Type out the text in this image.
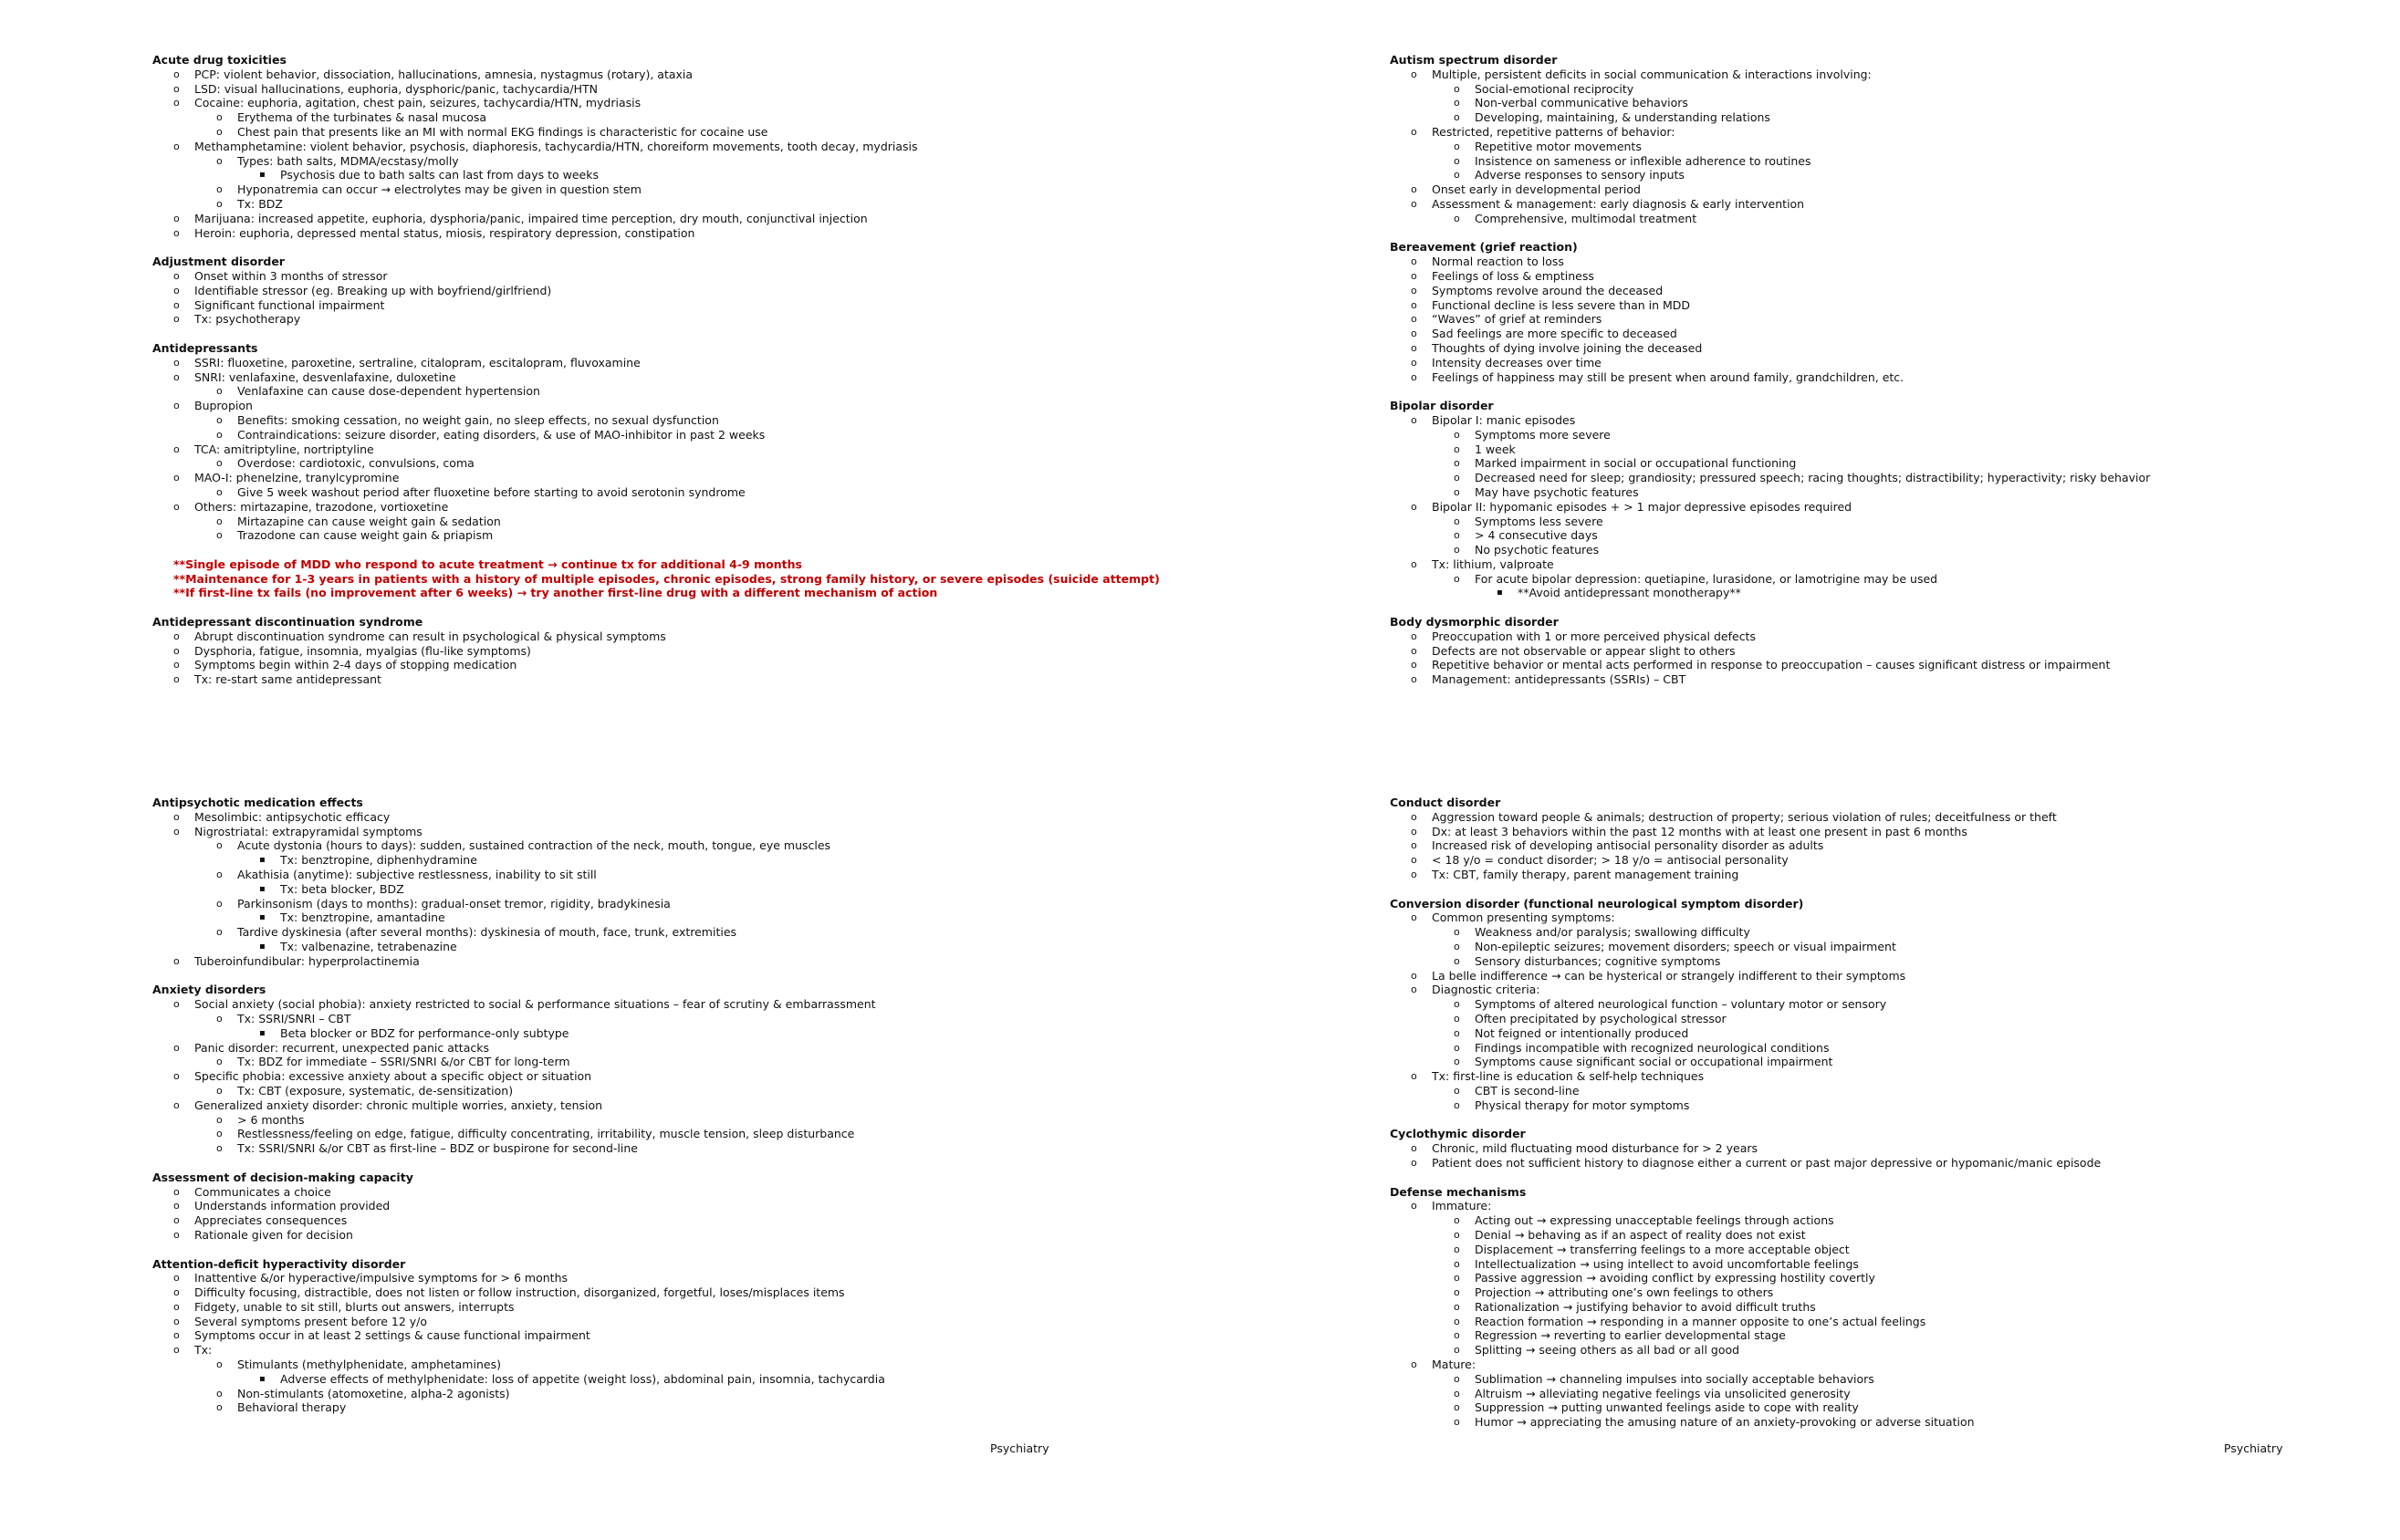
Acute drug toxicities
o PCP: violent behavior, dissociation, hallucinations, amnesia, nystagmus (rotary), ataxia
o LSD: visual hallucinations, euphoria, dysphoric/panic, tachycardia/HTN
o Cocaine: euphoria, agitation, chest pain, seizures, tachycardia/HTN, mydriasis
o Erythema of the turbinates & nasal mucosa
o Chest pain that presents like an MI with normal EKG findings is characteristic for cocaine use
o Methamphetamine: violent behavior, psychosis, diaphoresis, tachycardia/HTN, choreiform movements, tooth decay, mydriasis
o Types: bath salts, MDMA/ecstasy/molly
▪ Psychosis due to bath salts can last from days to weeks
o Hyponatremia can occur → electrolytes may be given in question stem
o Tx: BDZ
o Marijuana: increased appetite, euphoria, dysphoria/panic, impaired time perception, dry mouth, conjunctival injection
o Heroin: euphoria, depressed mental status, miosis, respiratory depression, constipation
Adjustment disorder
o Onset within 3 months of stressor
o Identifiable stressor (eg. Breaking up with boyfriend/girlfriend)
o Significant functional impairment
o Tx: psychotherapy
Antidepressants
o SSRI: fluoxetine, paroxetine, sertraline, citalopram, escitalopram, fluvoxamine
o SNRI: venlafaxine, desvenlafaxine, duloxetine
o Venlafaxine can cause dose-dependent hypertension
o Bupropion
o Benefits: smoking cessation, no weight gain, no sleep effects, no sexual dysfunction
o Contraindications: seizure disorder, eating disorders, & use of MAO-inhibitor in past 2 weeks
o TCA: amitriptyline, nortriptyline
o Overdose: cardiotoxic, convulsions, coma
o MAO-I: phenelzine, tranylcypromine
o Give 5 week washout period after fluoxetine before starting to avoid serotonin syndrome
o Others: mirtazapine, trazodone, vortioxetine
o Mirtazapine can cause weight gain & sedation
o Trazodone can cause weight gain & priapism
**Single episode of MDD who respond to acute treatment → continue tx for additional 4-9 months
**Maintenance for 1-3 years in patients with a history of multiple episodes, chronic episodes, strong family history, or severe episodes (suicide attempt)
**If first-line tx fails (no improvement after 6 weeks) → try another first-line drug with a different mechanism of action
Antidepressant discontinuation syndrome
o Abrupt discontinuation syndrome can result in psychological & physical symptoms
o Dysphoria, fatigue, insomnia, myalgias (flu-like symptoms)
o Symptoms begin within 2-4 days of stopping medication
o Tx: re-start same antidepressant
Autism spectrum disorder
o Multiple, persistent deficits in social communication & interactions involving:
o Social-emotional reciprocity
o Non-verbal communicative behaviors
o Developing, maintaining, & understanding relations
o Restricted, repetitive patterns of behavior:
o Repetitive motor movements
o Insistence on sameness or inflexible adherence to routines
o Adverse responses to sensory inputs
o Onset early in developmental period
o Assessment & management: early diagnosis & early intervention
o Comprehensive, multimodal treatment
Bereavement (grief reaction)
o Normal reaction to loss
o Feelings of loss & emptiness
o Symptoms revolve around the deceased
o Functional decline is less severe than in MDD
o “Waves” of grief at reminders
o Sad feelings are more specific to deceased
o Thoughts of dying involve joining the deceased
o Intensity decreases over time
o Feelings of happiness may still be present when around family, grandchildren, etc.
Bipolar disorder
o Bipolar I: manic episodes
o Symptoms more severe
o 1 week
o Marked impairment in social or occupational functioning
o Decreased need for sleep; grandiosity; pressured speech; racing thoughts; distractibility; hyperactivity; risky behavior
o May have psychotic features
o Bipolar II: hypomanic episodes + > 1 major depressive episodes required
o Symptoms less severe
o > 4 consecutive days
o No psychotic features
o Tx: lithium, valproate
o For acute bipolar depression: quetiapine, lurasidone, or lamotrigine may be used
▪ **Avoid antidepressant monotherapy**
Body dysmorphic disorder
o Preoccupation with 1 or more perceived physical defects
o Defects are not observable or appear slight to others
o Repetitive behavior or mental acts performed in response to preoccupation – causes significant distress or impairment
o Management: antidepressants (SSRIs) – CBT
Antipsychotic medication effects
o Mesolimbic: antipsychotic efficacy
o Nigrostriatal: extrapyramidal symptoms
o Acute dystonia (hours to days): sudden, sustained contraction of the neck, mouth, tongue, eye muscles
▪ Tx: benztropine, diphenhydramine
o Akathisia (anytime): subjective restlessness, inability to sit still
▪ Tx: beta blocker, BDZ
o Parkinsonism (days to months): gradual-onset tremor, rigidity, bradykinesia
▪ Tx: benztropine, amantadine
o Tardive dyskinesia (after several months): dyskinesia of mouth, face, trunk, extremities
▪ Tx: valbenazine, tetrabenazine
o Tuberoinfundibular: hyperprolactinemia
Anxiety disorders
o Social anxiety (social phobia): anxiety restricted to social & performance situations – fear of scrutiny & embarrassment
o Tx: SSRI/SNRI – CBT
▪ Beta blocker or BDZ for performance-only subtype
o Panic disorder: recurrent, unexpected panic attacks
o Tx: BDZ for immediate – SSRI/SNRI &/or CBT for long-term
o Specific phobia: excessive anxiety about a specific object or situation
o Tx: CBT (exposure, systematic, de-sensitization)
o Generalized anxiety disorder: chronic multiple worries, anxiety, tension
o > 6 months
o Restlessness/feeling on edge, fatigue, difficulty concentrating, irritability, muscle tension, sleep disturbance
o Tx: SSRI/SNRI &/or CBT as first-line – BDZ or buspirone for second-line
Assessment of decision-making capacity
o Communicates a choice
o Understands information provided
o Appreciates consequences
o Rationale given for decision
Attention-deficit hyperactivity disorder
o Inattentive &/or hyperactive/impulsive symptoms for > 6 months
o Difficulty focusing, distractible, does not listen or follow instruction, disorganized, forgetful, loses/misplaces items
o Fidgety, unable to sit still, blurts out answers, interrupts
o Several symptoms present before 12 y/o
o Symptoms occur in at least 2 settings & cause functional impairment
o Tx:
o Stimulants (methylphenidate, amphetamines)
▪ Adverse effects of methylphenidate: loss of appetite (weight loss), abdominal pain, insomnia, tachycardia
o Non-stimulants (atomoxetine, alpha-2 agonists)
o Behavioral therapy
Conduct disorder
o Aggression toward people & animals; destruction of property; serious violation of rules; deceitfulness or theft
o Dx: at least 3 behaviors within the past 12 months with at least one present in past 6 months
o Increased risk of developing antisocial personality disorder as adults
o < 18 y/o = conduct disorder; > 18 y/o = antisocial personality
o Tx: CBT, family therapy, parent management training
Conversion disorder (functional neurological symptom disorder)
o Common presenting symptoms:
o Weakness and/or paralysis; swallowing difficulty
o Non-epileptic seizures; movement disorders; speech or visual impairment
o Sensory disturbances; cognitive symptoms
o La belle indifference → can be hysterical or strangely indifferent to their symptoms
o Diagnostic criteria:
o Symptoms of altered neurological function – voluntary motor or sensory
o Often precipitated by psychological stressor
o Not feigned or intentionally produced
o Findings incompatible with recognized neurological conditions
o Symptoms cause significant social or occupational impairment
o Tx: first-line is education & self-help techniques
o CBT is second-line
o Physical therapy for motor symptoms
Cyclothymic disorder
o Chronic, mild fluctuating mood disturbance for > 2 years
o Patient does not sufficient history to diagnose either a current or past major depressive or hypomanic/manic episode
Defense mechanisms
o Immature:
o Acting out → expressing unacceptable feelings through actions
o Denial → behaving as if an aspect of reality does not exist
o Displacement → transferring feelings to a more acceptable object
o Intellectualization → using intellect to avoid uncomfortable feelings
o Passive aggression → avoiding conflict by expressing hostility covertly
o Projection → attributing one’s own feelings to others
o Rationalization → justifying behavior to avoid difficult truths
o Reaction formation → responding in a manner opposite to one’s actual feelings
o Regression → reverting to earlier developmental stage
o Splitting → seeing others as all bad or all good
o Mature:
o Sublimation → channeling impulses into socially acceptable behaviors
o Altruism → alleviating negative feelings via unsolicited generosity
o Suppression → putting unwanted feelings aside to cope with reality
o Humor → appreciating the amusing nature of an anxiety-provoking or adverse situation
Psychiatry	Psychiatry
